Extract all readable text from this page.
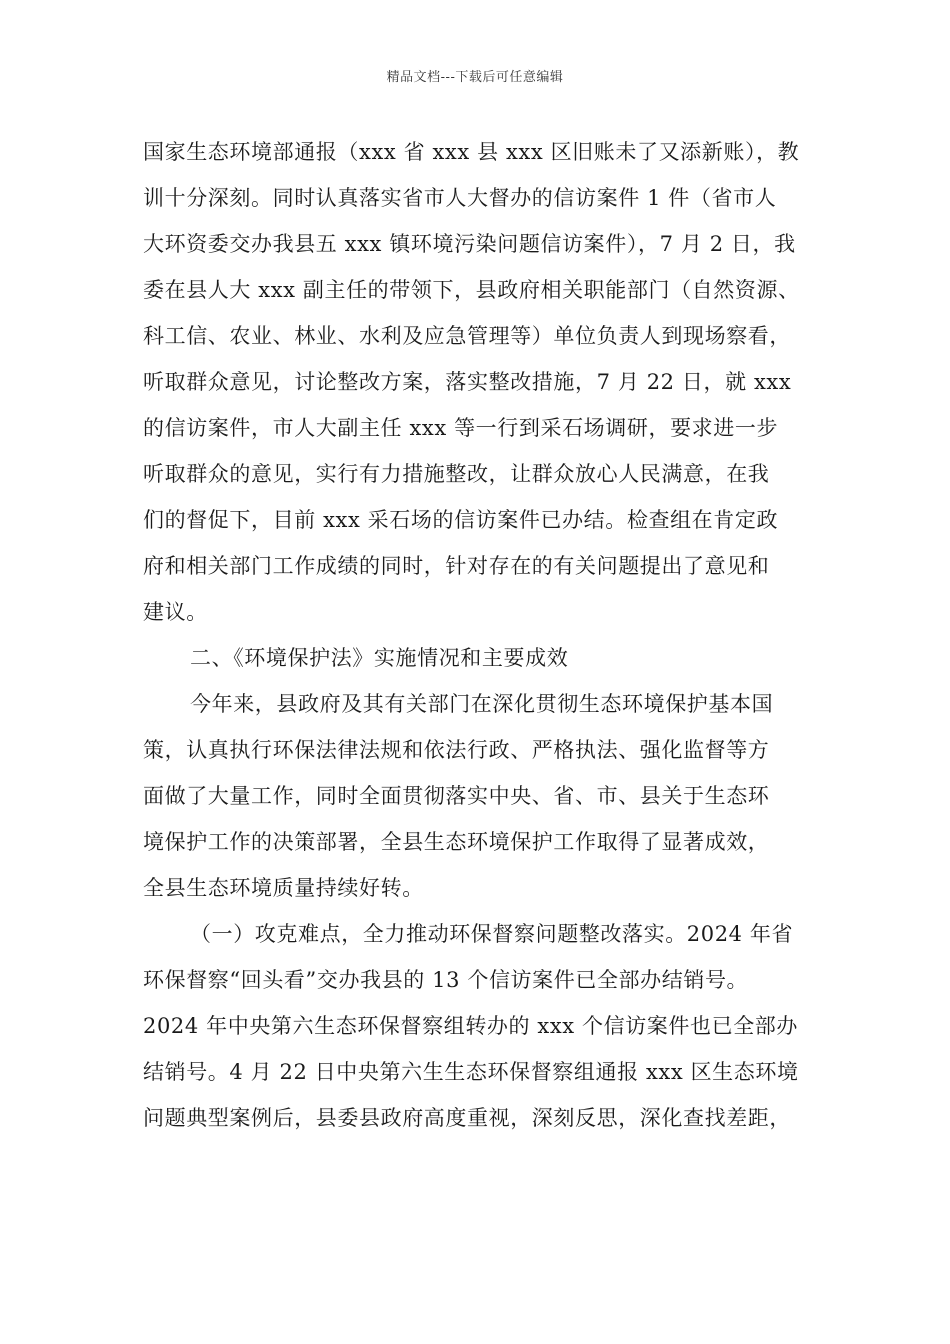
精品文档---下载后可任意编辑
国家生态环境部通报（xxx 省 xxx 县 xxx 区旧账未了又添新账），教
训十分深刻。同时认真落实省市人大督办的信访案件 1 件（省市人
大环资委交办我县五 xxx 镇环境污染问题信访案件），7 月 2 日，我
委在县人大 xxx 副主任的带领下，县政府相关职能部门（自然资源、
科工信、农业、林业、水利及应急管理等）单位负责人到现场察看，
听取群众意见，讨论整改方案，落实整改措施，7 月 22 日，就 xxx
的信访案件，市人大副主任 xxx 等一行到采石场调研，要求进一步
听取群众的意见，实行有力措施整改，让群众放心人民满意，在我
们的督促下，目前 xxx 采石场的信访案件已办结。检查组在肯定政
府和相关部门工作成绩的同时，针对存在的有关问题提出了意见和
建议。
二、《环境保护法》实施情况和主要成效
今年来，县政府及其有关部门在深化贯彻生态环境保护基本国
策，认真执行环保法律法规和依法行政、严格执法、强化监督等方
面做了大量工作，同时全面贯彻落实中央、省、市、县关于生态环
境保护工作的决策部署，全县生态环境保护工作取得了显著成效，
全县生态环境质量持续好转。
（一）攻克难点，全力推动环保督察问题整改落实。2024 年省
环保督察“回头看”交办我县的 13 个信访案件已全部办结销号。
2024 年中央第六生态环保督察组转办的 xxx 个信访案件也已全部办
结销号。4 月 22 日中央第六生生态环保督察组通报 xxx 区生态环境
问题典型案例后，县委县政府高度重视，深刻反思，深化查找差距，
